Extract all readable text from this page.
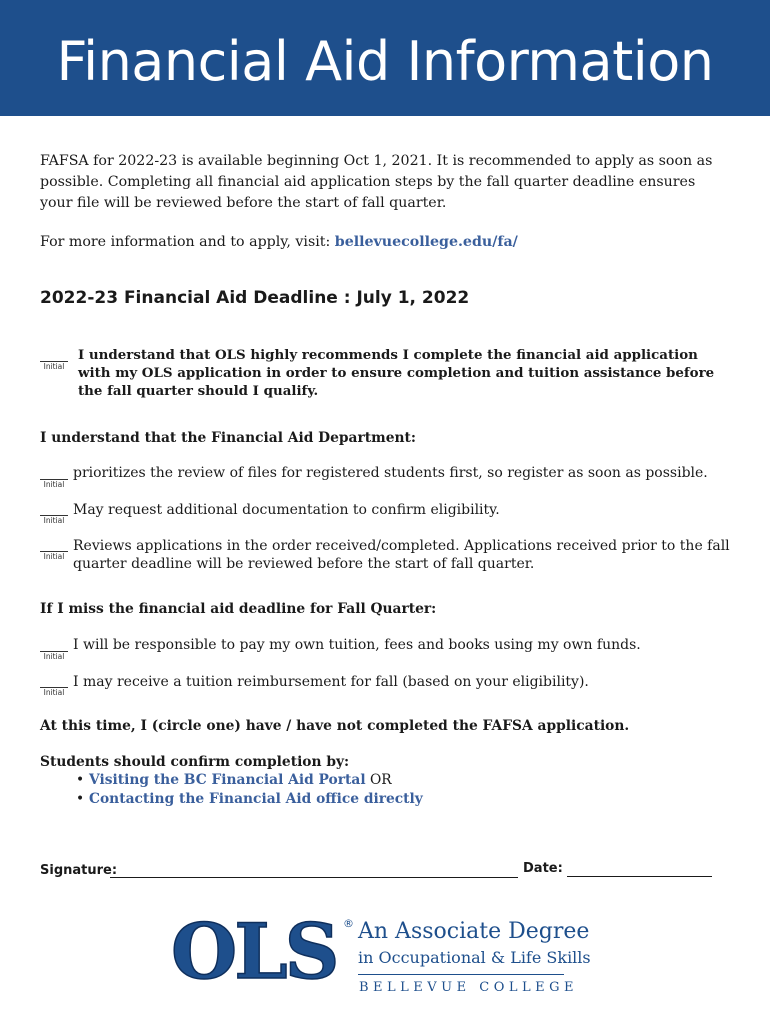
Financial Aid Information

FAFSA for 2022-23 is available beginning Oct 1, 2021. It is recommended to apply as soon as possible. Completing all financial aid application steps by the fall quarter deadline ensures your file will be reviewed before the start of fall quarter.

For more information and to apply, visit: bellevuecollege.edu/fa/

2022-23 Financial Aid Deadline : July 1, 2022
Initial

I understand that OLS highly recommends I complete the financial aid application with my OLS application in order to ensure completion and tuition assistance before the fall quarter should I qualify.

I understand that the Financial Aid Department:

Initial

prioritizes the review of files for registered students first, so register as soon as possible.

Initial

May request additional documentation to confirm eligibility.

Initial

Reviews applications in the order received/completed. Applications received prior to the fall quarter deadline will be reviewed before the start of fall quarter.

If I miss the financial aid deadline for Fall Quarter:

Initial

I will be responsible to pay my own tuition, fees and books using my own funds.

Initial

I may receive a tuition reimbursement for fall (based on your eligibility).

At this time, I (circle one) have / have not completed the FAFSA application.

Students should confirm completion by:

• Visiting the BC Financial Aid Portal OR
• Contacting the Financial Aid office directly
Signature:	Date:
OLS ® An Associate Degree
in Occupational & Life Skills
BELLEVUE COLLEGE
